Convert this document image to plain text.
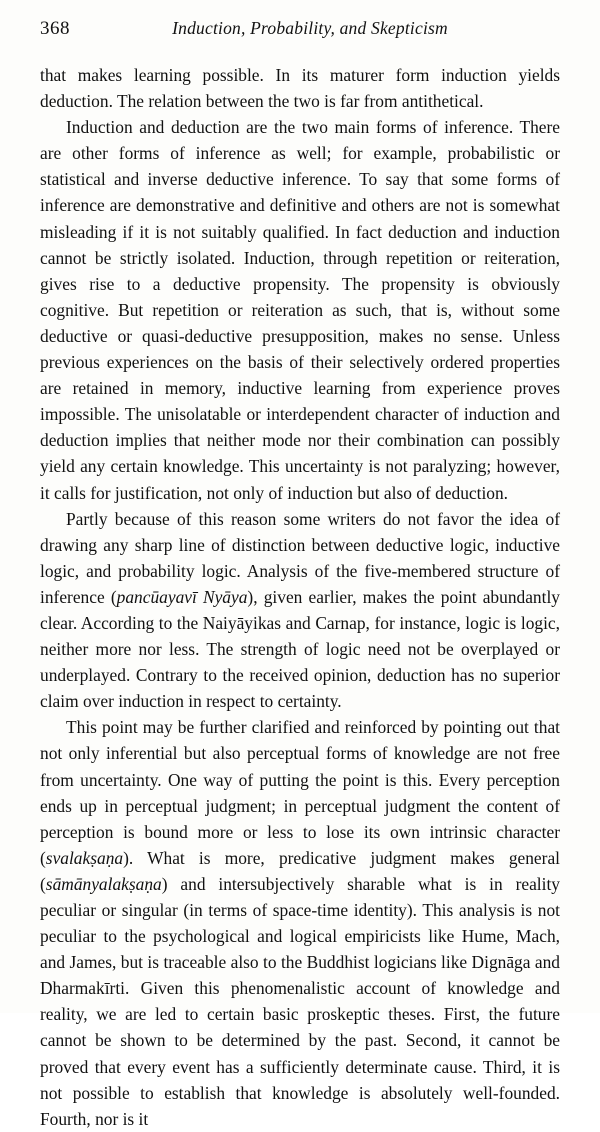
368	Induction, Probability, and Skepticism

that makes learning possible. In its maturer form induction yields deduction. The relation between the two is far from antithetical.

Induction and deduction are the two main forms of inference. There are other forms of inference as well; for example, probabilistic or statistical and inverse deductive inference. To say that some forms of inference are demonstrative and definitive and others are not is somewhat misleading if it is not suitably qualified. In fact deduction and induction cannot be strictly isolated. Induction, through repetition or reiteration, gives rise to a deductive propensity. The propensity is obviously cognitive. But repetition or reiteration as such, that is, without some deductive or quasi-deductive presupposition, makes no sense. Unless previous experiences on the basis of their selectively ordered properties are retained in memory, inductive learning from experience proves impossible. The unisolatable or interdependent character of induction and deduction implies that neither mode nor their combination can possibly yield any certain knowledge. This uncertainty is not paralyzing; however, it calls for justification, not only of induction but also of deduction.

Partly because of this reason some writers do not favor the idea of drawing any sharp line of distinction between deductive logic, inductive logic, and probability logic. Analysis of the five-membered structure of inference (pancūayavī Nyāya), given earlier, makes the point abundantly clear. According to the Naiyāyikas and Carnap, for instance, logic is logic, neither more nor less. The strength of logic need not be overplayed or underplayed. Contrary to the received opinion, deduction has no superior claim over induction in respect to certainty.

This point may be further clarified and reinforced by pointing out that not only inferential but also perceptual forms of knowledge are not free from uncertainty. One way of putting the point is this. Every perception ends up in perceptual judgment; in perceptual judgment the content of perception is bound more or less to lose its own intrinsic character (svalakṣaṇa). What is more, predicative judgment makes general (sāmānyalakṣaṇa) and intersubjectively sharable what is in reality peculiar or singular (in terms of space-time identity). This analysis is not peculiar to the psychological and logical empiricists like Hume, Mach, and James, but is traceable also to the Buddhist logicians like Dignāga and Dharmakīrti. Given this phenomenalistic account of knowledge and reality, we are led to certain basic proskeptic theses. First, the future cannot be shown to be determined by the past. Second, it cannot be proved that every event has a sufficiently determinate cause. Third, it is not possible to establish that knowledge is absolutely well-founded. Fourth, nor is it
